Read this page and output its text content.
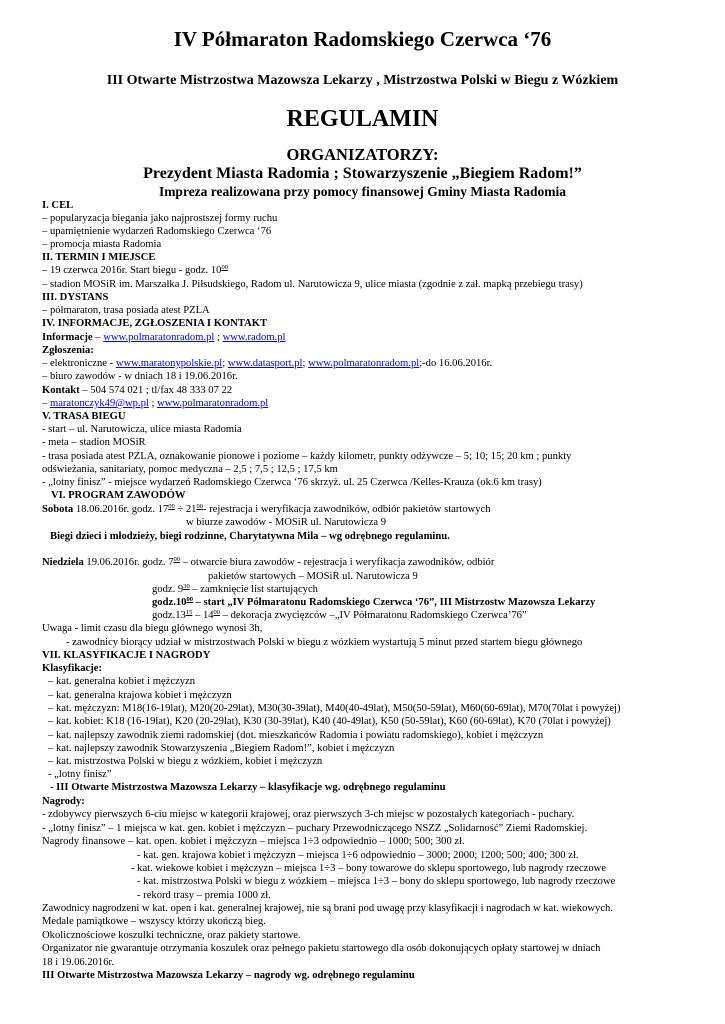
IV Półmaraton Radomskiego Czerwca ‘76
III Otwarte Mistrzostwa Mazowsza Lekarzy , Mistrzostwa Polski w Biegu z Wózkiem
REGULAMIN
ORGANIZATORZY:
Prezydent Miasta Radomia ; Stowarzyszenie „Biegiem Radom!”
Impreza realizowana przy pomocy finansowej Gminy Miasta Radomia
I. CEL
– popularyzacja biegania jako najprostszej formy ruchu
– upamiętnienie wydarzeń Radomskiego Czerwca ‘76
– promocja miasta Radomia
II. TERMIN I MIEJSCE
– 19 czerwca 2016r. Start biegu - godz. $10^{00}$
– stadion MOSiR im. Marszałka J. Piłsudskiego, Radom ul. Narutowicza 9, ulice miasta (zgodnie z zał. mapką przebiegu trasy)
III. DYSTANS
– półmaraton, trasa posiada atest PZLA
IV. INFORMACJE, ZGŁOSZENIA I KONTAKT
Informacje – www.polmaratonradom.pl ; www.radom.pl
Zgłoszenia:
– elektroniczne - www.maratonypolskie.pl; www.datasport.pl; www.polmaratonradom.pl;-do 16.06.2016r.
– biuro zawodów - w dniach 18 i 19.06.2016r.
Kontakt – 504 574 021 ; tl/fax 48 333 07 22
– maratonczyk49@wp.pl ; www.polmaratonradom.pl
V. TRASA BIEGU
- start – ul. Narutowicza, ulice miasta Radomia
- meta – stadion MOSiR
- trasa posiada atest PZLA, oznakowanie pionowe i poziome – każdy kilometr, punkty odżywcze – 5; 10; 15; 20 km ; punkty
odświeżania, sanitariaty, pomoc medyczna – 2,5 ; 7,5 ; 12,5 ; 17,5 km
- „lotny finisz” - miejsce wydarzeń Radomskiego Czerwca ‘76 skrzyż. ul. 25 Czerwca /Kelles-Krauza (ok.6 km trasy)
VI. PROGRAM ZAWODÓW
Sobota 18.06.2016r. godz. $17^{00} \div 21^{00}-$ rejestracja i weryfikacja zawodników, odbiór pakietów startowych
w biurze zawodów - MOSiR ul. Narutowicza 9
Biegi dzieci i młodzieży, biegi rodzinne, Charytatywna Mila – wg odrębnego regulaminu.
Niedziela 19.06.2016r. godz. $7^{00}$ – otwarcie biura zawodów - rejestracja i weryfikacja zawodników, odbiór
pakietów startowych – MOSiR ul. Narutowicza 9
godz. $9^{30}$ – zamknięcie list startujących
$godz.10^{00}$ – start „IV Półmaratonu Radomskiego Czerwca ‘76”, III Mistrzostw Mazowsza Lekarzy
$godz.13^{15} - 14^{00}$ – dekoracja zwycięzców –„IV Półmaratonu Radomskiego Czerwca’76”
Uwaga - limit czasu dla biegu głównego wynosi 3h,
- zawodnicy biorący udział w mistrzostwach Polski w biegu z wózkiem wystartują 5 minut przed startem biegu głównego
VII. KLASYFIKACJE I NAGRODY
Klasyfikacje:
– kat. generalna kobiet i mężczyzn
– kat. generalna krajowa kobiet i mężczyzn
– kat. mężczyzn: M18(16-19lat), M20(20-29lat), M30(30-39lat), M40(40-49lat), M50(50-59lat), M60(60-69lat), M70(70lat i powyżej)
– kat. kobiet: K18 (16-19lat), K20 (20-29lat), K30 (30-39lat), K40 (40-49lat), K50 (50-59lat), K60 (60-69lat), K70 (70lat i powyżej)
– kat. najlepszy zawodnik ziemi radomskiej (dot. mieszkańców Radomia i powiatu radomskiego), kobiet i mężczyzn
– kat. najlepszy zawodnik Stowarzyszenia „Biegiem Radom!”, kobiet i mężczyzn
– kat. mistrzostwa Polski w biegu z wózkiem, kobiet i mężczyzn
- „lotny finisz”
- III Otwarte Mistrzostwa Mazowsza Lekarzy – klasyfikacje wg. odrębnego regulaminu
Nagrody:
- zdobywcy pierwszych 6-ciu miejsc w kategorii krajowej, oraz pierwszych 3-ch miejsc w pozostałych kategoriach - puchary.
- „lotny finisz” – 1 miejsca w kat. gen. kobiet i mężczyzn – puchary Przewodniczącego NSZZ „Solidarność” Ziemi Radomskiej.
Nagrody finansowe – kat. open. kobiet i mężczyzn – miejsca 1÷3 odpowiednio – 1000; 500; 300 zł.
- kat. gen. krajowa kobiet i mężczyzn – miejsca 1÷6 odpowiednio – 3000; 2000; 1200; 500; 400; 300 zł.
- kat. wiekowe kobiet i mężczyzn – miejsca 1÷3 – bony towarowe do sklepu sportowego, lub nagrody rzeczowe
- kat. mistrzostwa Polski w biegu z wózkiem – miejsca 1÷3 – bony do sklepu sportowego, lub nagrody rzeczowe
- rekord trasy – premia 1000 zł.
Zawodnicy nagrodzeni w kat. open i kat. generalnej krajowej, nie są brani pod uwagę przy klasyfikacji i nagrodach w kat. wiekowych.
Medale pamiątkowe – wszyscy którzy ukończą bieg.
Okolicznościowe koszulki techniczne, oraz pakiety startowe.
Organizator nie gwarantuje otrzymania koszulek oraz pełnego pakietu startowego dla osób dokonujących opłaty startowej w dniach
18 i 19.06.2016r.
III Otwarte Mistrzostwa Mazowsza Lekarzy – nagrody wg. odrębnego regulaminu
